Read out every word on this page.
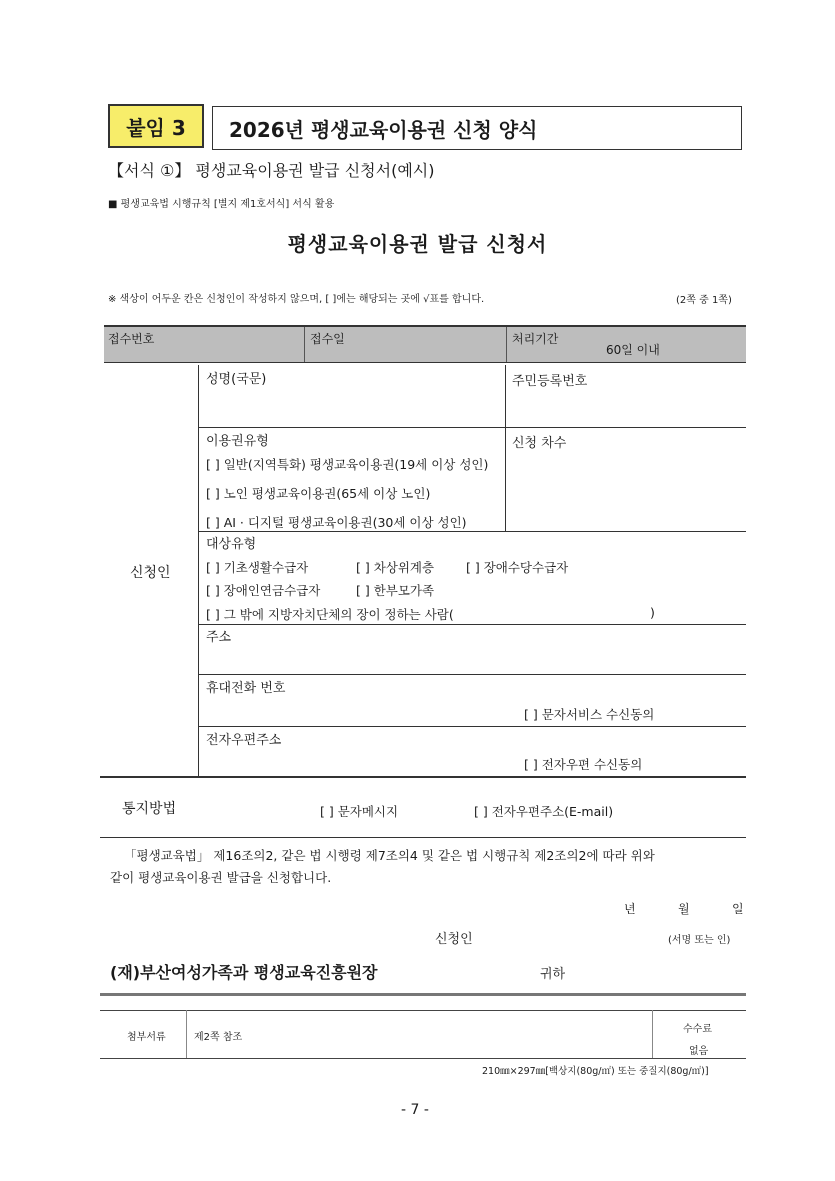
붙임 3 2026년 평생교육이용권 신청 양식
【서식 ①】 평생교육이용권 발급 신청서(예시)
■ 평생교육법 시행규칙 [별지 제1호서식] 서식 활용
평생교육이용권 발급 신청서
※ 색상이 어두운 칸은 신청인이 작성하지 않으며, [ ]에는 해당되는 곳에 √표를 합니다.	(2쪽 중 1쪽)
접수번호	접수일	처리기간
60일 이내
신청인
성명(국문)	주민등록번호
이용권유형
[ ] 일반(지역특화) 평생교육이용권(19세 이상 성인)
[ ] 노인 평생교육이용권(65세 이상 노인)
[ ] AI · 디지털 평생교육이용권(30세 이상 성인)
신청 차수
대상유형
[ ] 기초생활수급자	[ ] 차상위계층	[ ] 장애수당수급자
[ ] 장애인연금수급자	[ ] 한부모가족
[ ] 그 밖에 지방자치단체의 장이 정하는 사람(	)
주소
휴대전화 번호
[ ] 문자서비스 수신동의
전자우편주소
[ ] 전자우편 수신동의
통지방법	[ ] 문자메시지	[ ] 전자우편주소(E-mail)
「평생교육법」 제16조의2, 같은 법 시행령 제7조의4 및 같은 법 시행규칙 제2조의2에 따라 위와
같이 평생교육이용권 발급을 신청합니다.
년	월	일
신청인	(서명 또는 인)
(재)부산여성가족과 평생교육진흥원장	귀하
첨부서류	제2쪽 참조
수수료
없음
210㎜×297㎜[백상지(80g/㎡) 또는 중질지(80g/㎡)]
- 7 -
